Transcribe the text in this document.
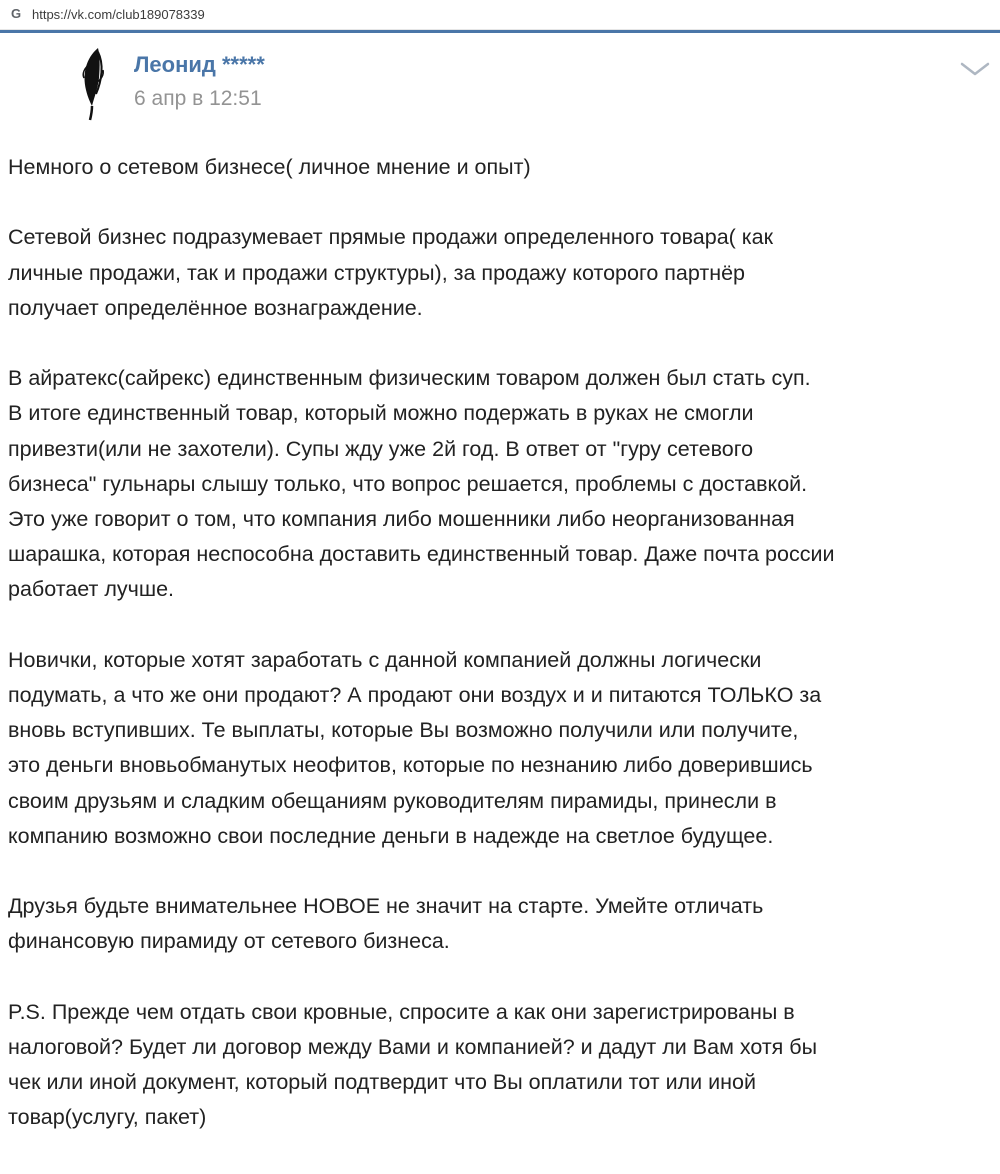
G https://vk.com/club189078339
Леонид *****
6 апр в 12:51
Немного о сетевом бизнесе( личное мнение и опыт)
Сетевой бизнес подразумевает прямые продажи определенного товара( как
личные продажи, так и продажи структуры), за продажу которого партнёр
получает определённое вознаграждение.
В айратекс(сайрекс) единственным физическим товаром должен был стать суп.
В итоге единственный товар, который можно подержать в руках не смогли
привезти(или не захотели). Супы жду уже 2й год. В ответ от "гуру сетевого
бизнеса" гульнары слышу только, что вопрос решается, проблемы с доставкой.
Это уже говорит о том, что компания либо мошенники либо неорганизованная
шарашка, которая неспособна доставить единственный товар. Даже почта россии
работает лучше.
Новички, которые хотят заработать с данной компанией должны логически
подумать, а что же они продают? А продают они воздух и и питаются ТОЛЬКО за
вновь вступивших. Те выплаты, которые Вы возможно получили или получите,
это деньги вновьобманутых неофитов, которые по незнанию либо доверившись
своим друзьям и сладким обещаниям руководителям пирамиды, принесли в
компанию возможно свои последние деньги в надежде на светлое будущее.
Друзья будьте внимательнее НОВОЕ не значит на старте. Умейте отличать
финансовую пирамиду от сетевого бизнеса.
P.S. Прежде чем отдать свои кровные, спросите а как они зарегистрированы в
налоговой? Будет ли договор между Вами и компанией? и дадут ли Вам хотя бы
чек или иной документ, который подтвердит что Вы оплатили тот или иной
товар(услугу, пакет)
